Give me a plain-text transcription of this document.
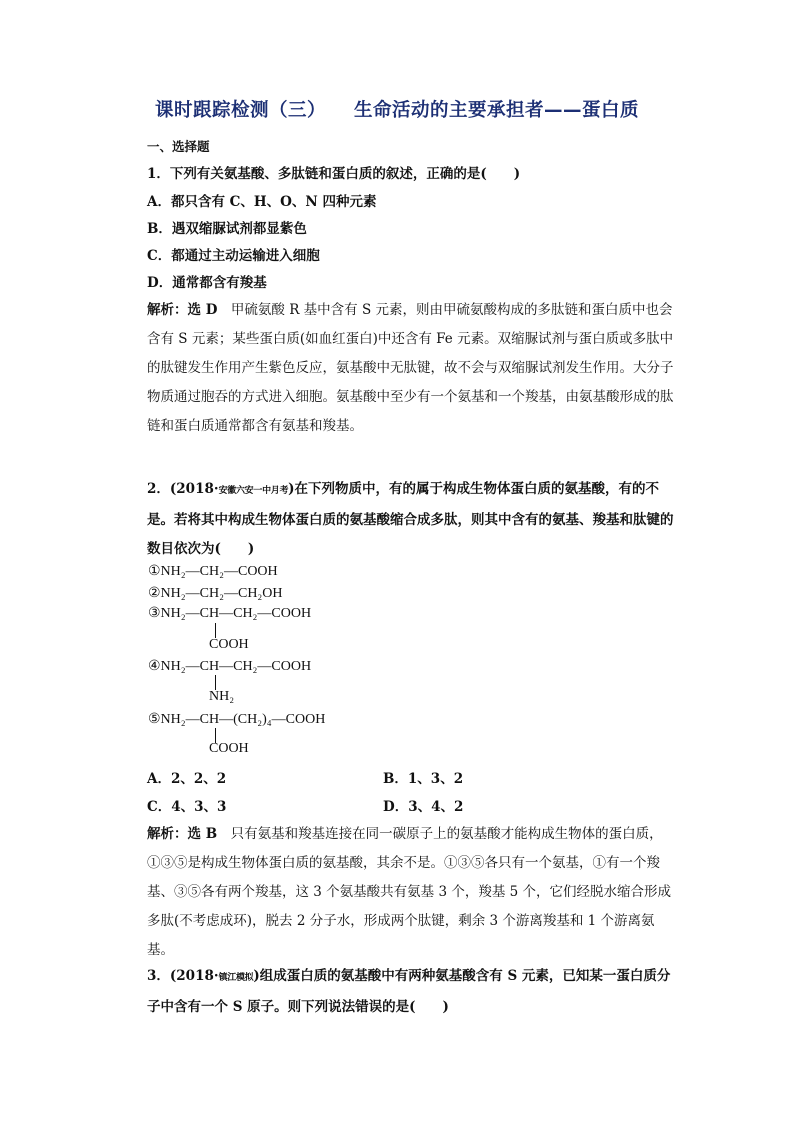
课时跟踪检测（三） 生命活动的主要承担者——蛋白质
一、选择题
1．下列有关氨基酸、多肽链和蛋白质的叙述，正确的是(　　)
A．都只含有 C、H、O、N 四种元素
B．遇双缩脲试剂都显紫色
C．都通过主动运输进入细胞
D．通常都含有羧基
解析：选 D　甲硫氨酸 R 基中含有 S 元素，则由甲硫氨酸构成的多肽链和蛋白质中也会含有 S 元素；某些蛋白质(如血红蛋白)中还含有 Fe 元素。双缩脲试剂与蛋白质或多肽中的肽键发生作用产生紫色反应，氨基酸中无肽键，故不会与双缩脲试剂发生作用。大分子物质通过胞吞的方式进入细胞。氨基酸中至少有一个氨基和一个羧基，由氨基酸形成的肽链和蛋白质通常都含有氨基和羧基。
2．(2018·安徽六安一中月考)在下列物质中，有的属于构成生物体蛋白质的氨基酸，有的不是。若将其中构成生物体蛋白质的氨基酸缩合成多肽，则其中含有的氨基、羧基和肽键的数目依次为(　　)
①NH₂—CH₂—COOH
②NH₂—CH₂—CH₂OH
③NH₂—CH—CH₂—COOH
COOH
④NH₂—CH—CH₂—COOH
NH₂
⑤NH₂—CH—(CH₂)₄—COOH
COOH
A．2、2、2	B．1、3、2
C．4、3、3	D．3、4、2
解析：选 B　只有氨基和羧基连接在同一碳原子上的氨基酸才能构成生物体的蛋白质，①③⑤是构成生物体蛋白质的氨基酸，其余不是。①③⑤各只有一个氨基，①有一个羧基、③⑤各有两个羧基，这 3 个氨基酸共有氨基 3 个，羧基 5 个，它们经脱水缩合形成多肽(不考虑成环)，脱去 2 分子水，形成两个肽键，剩余 3 个游离羧基和 1 个游离氨基。
3．(2018·镇江模拟)组成蛋白质的氨基酸中有两种氨基酸含有 S 元素，已知某一蛋白质分子中含有一个 S 原子。则下列说法错误的是(　　)
